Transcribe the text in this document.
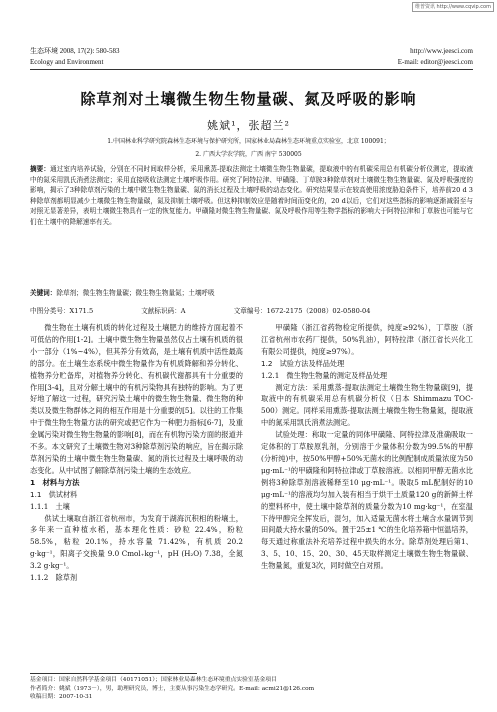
维普资讯 http://www.cqvip.com
生态环境 2008, 17(2): 580-583	http://www.jeesci.com
Ecology and Environment	E-mail: editor@jeesci.com
除草剂对土壤微生物生物量碳、氮及呼吸的影响
姚斌¹，张超兰²
1.中国林业科学研究院森林生态环境与保护研究所，国家林业局森林生态环境重点实验室，北京 100091；
2. 广西大学农学院，广西 南宁 530005
摘要：通过室内培养试验，分别在不同时间取样分析，采用熏蒸-提取法测定土壤微生物生物量碳，提取液中的有机碳采用总有机碳分析仪测定，提取液中的氮采用凯氏消煮法测定；采用直接吸收法测定土壤呼吸作用。研究了阿特拉津、甲磺隆、丁草胺3种除草剂对土壤微生物生物量碳、氮及呼吸强度的影响，揭示了3种除草剂污染的土壤中微生物生物量碳、氮的消长过程及土壤呼吸的动态变化。研究结果显示在较高使用浓度胁迫条件下，培养前20 d 3种除草剂都明显减少土壤微生物生物量碳，氮及抑制土壤呼吸。但这种抑制效应是随着时间而变化的，20 d以后，它们对这些指标的影响逐渐减弱至与对照无显著差异，表明土壤微生物具有一定的恢复能力。甲磺隆对微生物生物量碳、氮及呼吸作用等生物学指标的影响大于阿特拉津和丁草胺也可能与它们在土壤中的降解速率有关。
关键词：除草剂；微生物生物量碳；微生物生物量氮；土壤呼吸
中图分类号：X171.5	文献标识码：A	文章编号：1672-2175（2008）02-0580-04

微生物在土壤有机质的转化过程及土壤肥力的维持方面起着不可低估的作用[1-2]。土壤中微生物生物量虽然仅占土壤有机质的很小一部分（1%~4%），但其养分有效高，是土壤有机质中活性最高的部分。在土壤生态系统中微生物量作为有机质降解和养分转化、植物养分贮备库，对植物养分转化、有机碳代谢都具有十分重要的作用[3-4]，且对分解土壤中的有机污染物具有独特的影响。为了更好地了解这一过程，研究污染土壤中的微生物生物量、微生物的种类以及微生物群体之间的相互作用是十分重要的[5]。以往的工作集中于微生物生物量方法的研究或把它作为一种肥力指标[6-7]，及重金属污染对微生物生物量的影响[8]，而在有机物污染方面的报道并不多。本文研究了土壤微生物对3种除草剂污染的响应，旨在揭示除草剂污染的土壤中微生物生物量碳、氮的消长过程及土壤呼吸的动态变化。从中试图了解除草剂污染土壤的生态效应。

1　材料与方法

1.1　供试材料

1.1.1　土壤

供试土壤取自浙江省杭州市，为发育于湖海沉积相的粉壤土，多年来一直种植水稻，基本理化性质：砂粒 22.4%，粉粒 58.5%，粘粒 20.1%，持水容量 71.42%，有机质 20.2 g·kg⁻¹，阳离子交换量 9.0 Cmol₊kg⁻¹，pH (H₂O) 7.38，全氮 3.2 g·kg⁻¹。

1.1.2　除草剂

甲磺隆（浙江省药物检定所提供，纯度≥92%），丁草胺（浙江省杭州市农药厂提供，50%乳油），阿特拉津（浙江省长兴化工有限公司提供，纯度≥97%）。

1.2　试验方法及样品处理

1.2.1　微生物生物量的测定及样品处理

测定方法：采用熏蒸-提取法测定土壤微生物生物量碳[9]，提取液中的有机碳采用总有机碳分析仪（日本 Shimmazu TOC-500）测定。同样采用熏蒸-提取法测土壤微生物生物量氮，提取液中的氮采用凯氏消煮法测定。

试验处理：称取一定量的同体甲磺隆、阿特拉津及准确吸取一定体积的丁草胺原乳剂，分别溶于少量体积分数为99.5%的甲醇(分析纯)中，按50%甲醇+50%无菌水的比例配制成质量浓度为50 μg·mL⁻¹的甲磺隆和阿特拉津或丁草胺溶液。以相同甲醇无菌水比例将3种除草剂溶液稀释至10 μg·mL⁻¹。吸取5 mL配制好的10 μg·mL⁻¹的溶液均匀加入装有相当于烘干土质量120 g的新鲜土样的塑料杯中，使土壤中除草剂的质量分数为10 mg·kg⁻¹，在室温下待甲醇完全挥发后，混匀，加入适量无菌水将土壤含水量调节到田间最大持水量的50%。置于25±1 ℃的生化培养箱中恒温培养，每天通过称重法补充培养过程中损失的水分。除草剂处理后第1、3、5、10、15、20、30、45天取样测定土壤微生物生物量碳、生物量氮，重复3次，同时做空白对照。

基金项目：国家自然科学基金项目（40171051）；国家林业局森林生态环境重点实验室基金项目
作者简介：姚斌（1973－），男，助理研究员，博士，主要从事污染生态学研究。E-mail: acmi21@126.com
收稿日期：2007-10-31
